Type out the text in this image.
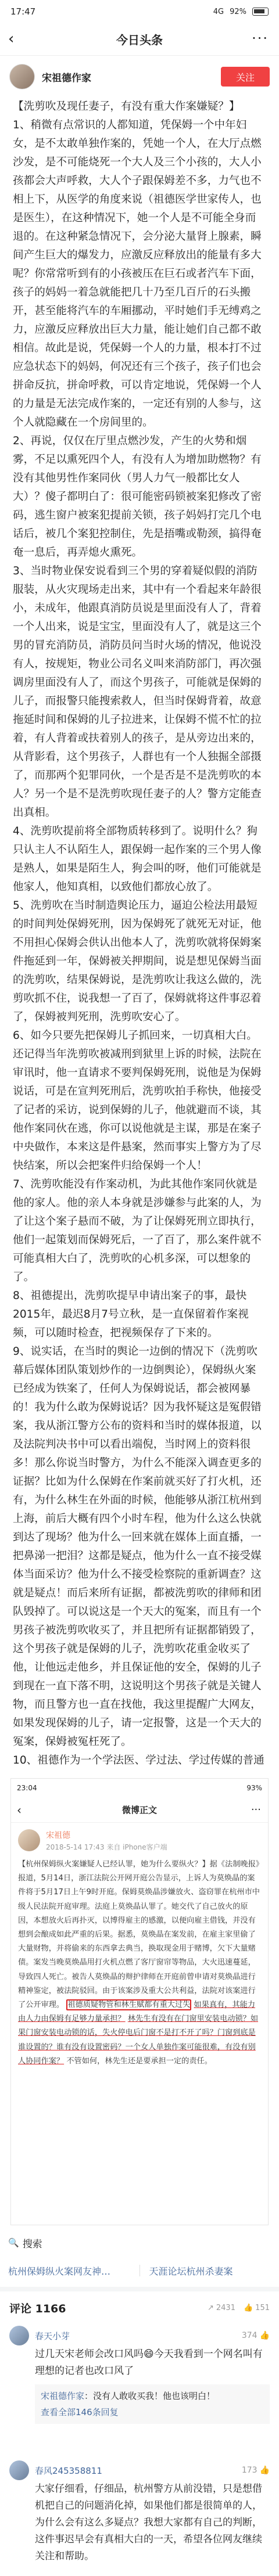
17:47	4G 92%
‹	今日头条	···
宋祖德作家	关注

【洗剪吹及现任妻子，有没有重大作案嫌疑？】

1、稍微有点常识的人都知道，凭保姆一个中年妇女，是不太敢单独作案的，凭她一个人，在大厅点燃沙发，是不可能烧死一个大人及三个小孩的，大人小孩都会大声呼救，大人个子跟保姆差不多，力气也不相上下，从医学的角度来说（祖德医学世家传人，也是医生），在这种情况下，她一个人是不可能全身而退的。在这种紧急情况下，会分泌大量肾上腺素，瞬间产生巨大的爆发力，应激反应释放出的能量有多大呢？你常常听到有的小孩被压在巨石或者汽车下面，孩子的妈妈一着急就能把几十乃至几百斤的石头搬开，甚至能将汽车的车厢挪动，平时她们手无缚鸡之力，应激反应释放出巨大力量，能让她们自己都不敢相信。故此是说，凭保姆一个人的力量，根本打不过应急状态下的妈妈，何况还有三个孩子，孩子们也会拼命反抗，拼命呼救，可以肯定地说，凭保姆一个人的力量是无法完成作案的，一定还有别的人参与，这个人就隐藏在一个房间里的。

2、再说，仅仅在厅里点燃沙发，产生的火势和烟雾，不足以熏死四个人，有没有人为增加助燃物？有没有其他男性作案同伙（男人力气一般都比女人大）？傻子都明白了：很可能密码锁被案犯修改了密码，逃生窗户被案犯提前关锁，孩子妈妈打完几个电话后，被几个案犯控制住，先是捂嘴或勒颈，搞得奄奄一息后，再弄熄火熏死。

3、当时物业保安说看到三个男的穿着疑似假的消防服装，从火灾现场走出来，其中有一个看起来年龄很小，未成年，他跟真消防员说是里面没有人了，背着一个人出来，说是宝宝，里面没有人了，就是这三个男的冒充消防员，消防员问当时火场的情况，他说没有人，按规矩，物业公司名义叫来消防部门，再次强调房里面没有人了，而这个男孩子，可能就是保姆的儿子，而报警只能搜索救人，但当时保姆背着，故意拖延时间和保姆的儿子拉进来，让保姆不慌不忙的拉着，有人背着或扶着别人的孩子，是从旁边出来的，从背影看，这个男孩子，人群也有一个人独掘全部摄了，而那两个犯罪同伙，一个是否是不是洗剪吹的本人？另一个是不是洗剪吹现任妻子的人？警方定能查出真相。

4、洗剪吹提前将全部物质转移到了。说明什么？狗只认主人不认陌生人，跟保姆一起作案的三个男人像是熟人，如果是陌生人，狗会叫的呀，他们可能就是他家人，他知真相，以致他们都放心放了。

5、洗剪吹在当时制造舆论压力，逼迫公检法用最短的时间判处保姆死刑，因为保姆死了就死无对证，他不用担心保姆会供认出他本人了，洗剪吹就将保姆案件拖延到一年，保姆被关押期间，说是想见保姆当面的洗剪吹，结果保姆说，是洗剪吹让我这么做的，洗剪吹抓不住，说我想一了百了，保姆就将这件事忍着了，保姆被判死刑，洗剪吹安心了。

6、如今只要先把保姆儿子抓回来，一切真相大白。还记得当年洗剪吹被减刑到狱里上诉的时候，法院在审讯时，他一直请求不要判保姆死刑，说他是为保姆说话，可是在宣判死刑后，洗剪吹拍手称快，他接受了记者的采访，说到保姆的儿子，他就避而不谈，其他作案同伙在逃，你可以说他就是主谋，那是在案子中央做作，本来这是件悬案，然而事实上警方为了尽快结案，所以会把案件归给保姆一个人！

7、洗剪吹能没有作案动机，为此其他作案同伙就是他的家人。他的亲人本身就是涉嫌参与此案的人，为了让这个案子悬而不破，为了让保姆死刑立即执行，他们一起策划而保姆死后，一了百了，那么案件就不可能真相大白了，洗剪吹的心机多深，可以想象的了。

8、祖德提出，洗剪吹提早申请出案子的事，最快2015年，最迟8月7号立秋，是一直保留着作案视频，可以随时检查，把视频保存了下来的。

9、说实话，在当时的舆论一边倒的情况下（洗剪吹幕后媒体团队策划炒作的一边倒舆论），保姆纵火案已经成为铁案了，任何人为保姆说话，都会被网暴的！我为什么敢为保姆说话？因为我怀疑这是冤假错案，我从浙江警方公布的资料和当时的媒体报道，以及法院判决书中可以看出端倪，当时网上的资料很多！那么你说当时警方，为什么不能深入调查更多的证据？比如为什么保姆在作案前就买好了打火机，还有，为什么林生在外面的时候，他能够从浙江杭州到上海，前后大概有四个小时车程，他为什么这么快就到达了现场？他为什么一回来就在媒体上面直播，一把鼻涕一把泪？这都是疑点，他为什么一直不接受媒体当面采访？他为什么不接受检察院的重新调查？这就是疑点！而后来所有证据，都被洗剪吹的律师和团队毁掉了。可以说这是一个天大的冤案，而且有一个男孩子被洗剪吹收买了，并且把所有证据都销毁了，这个男孩子就是保姆的儿子，洗剪吹花重金收买了他，让他远走他乡，并且保证他的安全，保姆的儿子到现在一直下落不明，这说明这个男孩子就是关键人物，而且警方也一直在找他，我这里提醒广大网友，如果发现保姆的儿子，请一定报警，这是一个天大的冤案，保姆被冤枉死了。

10、祖德作为一个学法医、学过法、学过传媒的普通

23:04	93%
‹	微博正文	···
宋祖德
2018-5-14 17:43 来自 iPhone客户端
【杭州保姆纵火案嫌疑人已经认罪，她为什么要纵火？】据《法制晚报》报道，5月14日，浙江法院公开网开庭公告显示，上诉人为莫焕晶的案件将于5月17日上午9时开庭。保姆莫焕晶涉嫌放火、盗窃罪在杭州市中级人民法院开庭审理。法庭上莫焕晶认罪了。她交代了自己放火的原因，本想放火后再扑灭，以博得雇主的感激，以便向雇主借钱，并没有想到会酿成如此严重的后果。据悉，莫焕晶在案发前，在雇主家里偷了大量财物，并将偷来的东西拿去典当，换取现金用于赌博，欠下大量赌债。案发当晚莫焕晶用打火机点燃了客厅窗帘等物品，大火迅速蔓延，导致四人死亡。被告人莫焕晶的辩护律师在开庭前曾申请对莫焕晶进行精神鉴定，被法院驳回。由于该案涉及重大公共利益，法院对该案进行了公开审理。 祖德质疑物管和林生赋都有重大过失 如果真有，其能力由人力由保姆有足够力量承担？ 林先生有没有在门窗里安装电动锁？如果门窗安装电动锁的话，失火停电后门窗不是打不开了吗？门窗到底是谁设置的？谁有没有设置密码？一个女人单独作案可能很难，有没有别人协同作案？ 不管如何，林先生还是要承担一定的责任。
🔍 搜索
杭州保姆纵火案网友神…	天涯论坛杭州杀妻案
评论 1166	↗ 2431 👍 151
春天小芽	374 👍
过几天宋老师会改口风吗😄今天我看到一个网名叫有理想的记者也改口风了
宋祖德作家：没有人敢收买我！他也该明白！
查看全部146条回复
春风245358811	173 👍
大家仔细看，仔细品，杭州警方从前没错，只是想借机把自己的问题消化掉，如果他们都是很简单的人，为什么会有这么多疑点？我想大家都有自己的判断，这件事迟早会有真相大白的一天，希望各位网友继续关注和帮助。
